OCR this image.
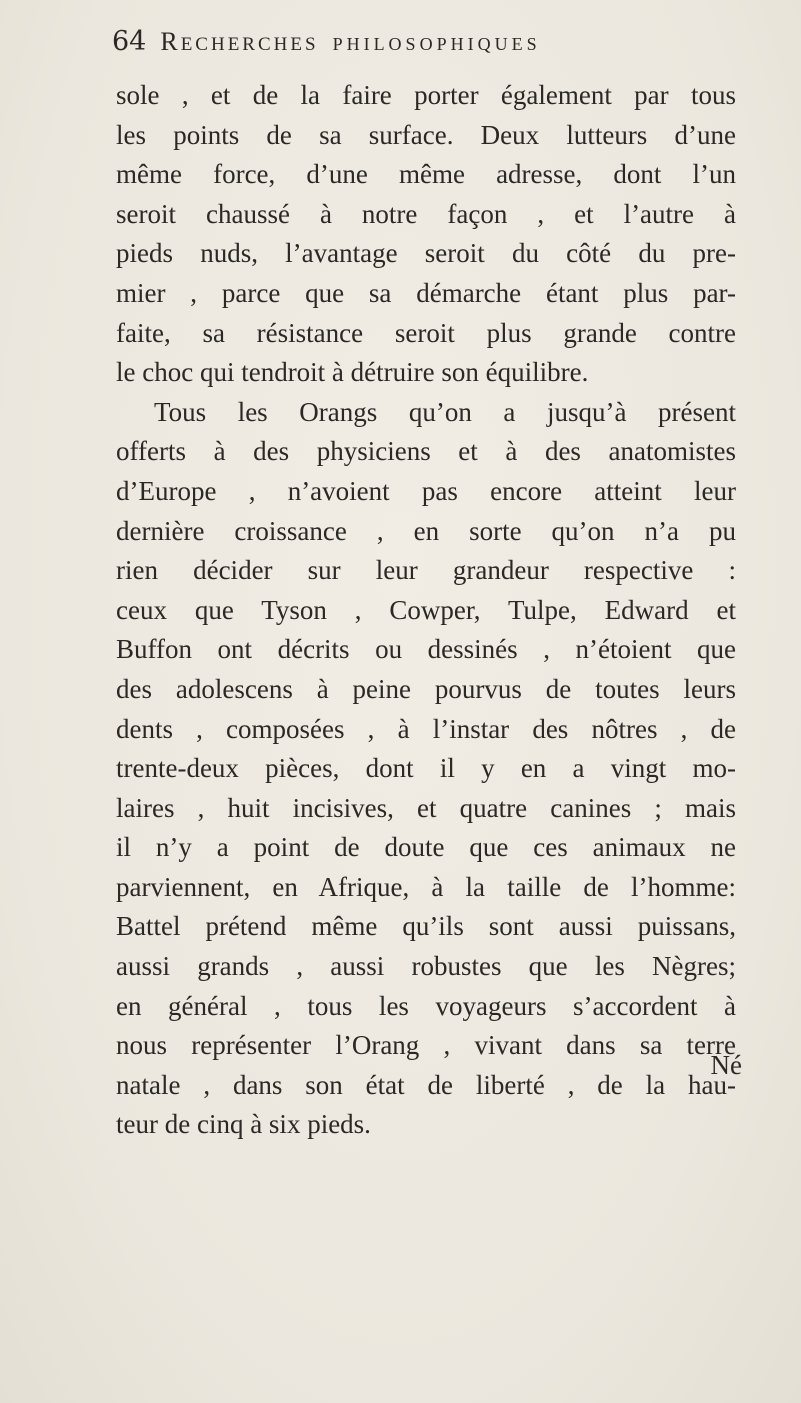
64 RECHERCHES PHILOSOPHIQUES
sole , et de la faire porter également par tous
les points de sa surface. Deux lutteurs d’une
même force, d’une même adresse, dont l’un
seroit chaussé à notre façon , et l’autre à
pieds nuds, l’avantage seroit du côté du pre-
mier , parce que sa démarche étant plus par-
faite, sa résistance seroit plus grande contre
le choc qui tendroit à détruire son équilibre.
Tous les Orangs qu’on a jusqu’à présent
offerts à des physiciens et à des anatomistes
d’Europe , n’avoient pas encore atteint leur
dernière croissance , en sorte qu’on n’a pu
rien décider sur leur grandeur respective :
ceux que Tyson , Cowper, Tulpe, Edward et
Buffon ont décrits ou dessinés , n’étoient que
des adolescens à peine pourvus de toutes leurs
dents , composées , à l’instar des nôtres , de
trente-deux pièces, dont il y en a vingt mo-
laires , huit incisives, et quatre canines ; mais
il n’y a point de doute que ces animaux ne
parviennent, en Afrique, à la taille de l’homme:
Battel prétend même qu’ils sont aussi puissans,
aussi grands , aussi robustes que les Nègres;
en général , tous les voyageurs s’accordent à
nous représenter l’Orang , vivant dans sa terre
natale , dans son état de liberté , de la hau-
teur de cinq à six pieds.
Né
